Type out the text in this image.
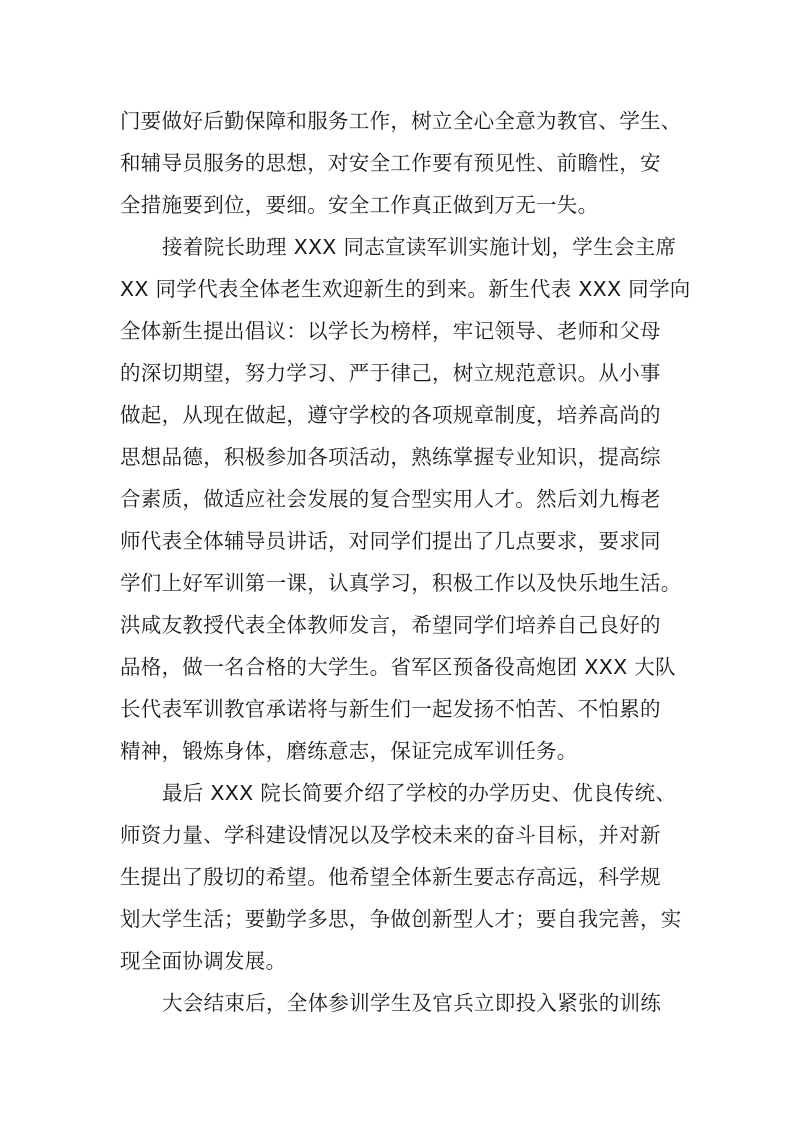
门要做好后勤保障和服务工作，树立全心全意为教官、学生、
和辅导员服务的思想，对安全工作要有预见性、前瞻性，安
全措施要到位，要细。安全工作真正做到万无一失。
接着院长助理 XXX 同志宣读军训实施计划，学生会主席
XX 同学代表全体老生欢迎新生的到来。新生代表 XXX 同学向
全体新生提出倡议：以学长为榜样，牢记领导、老师和父母
的深切期望，努力学习、严于律己，树立规范意识。从小事
做起，从现在做起，遵守学校的各项规章制度，培养高尚的
思想品德，积极参加各项活动，熟练掌握专业知识，提高综
合素质，做适应社会发展的复合型实用人才。然后刘九梅老
师代表全体辅导员讲话，对同学们提出了几点要求，要求同
学们上好军训第一课，认真学习，积极工作以及快乐地生活。
洪咸友教授代表全体教师发言，希望同学们培养自己良好的
品格，做一名合格的大学生。省军区预备役高炮团 XXX 大队
长代表军训教官承诺将与新生们一起发扬不怕苦、不怕累的
精神，锻炼身体，磨练意志，保证完成军训任务。
最后 XXX 院长简要介绍了学校的办学历史、优良传统、
师资力量、学科建设情况以及学校未来的奋斗目标，并对新
生提出了殷切的希望。他希望全体新生要志存高远，科学规
划大学生活；要勤学多思，争做创新型人才；要自我完善，实
现全面协调发展。
大会结束后，全体参训学生及官兵立即投入紧张的训练
